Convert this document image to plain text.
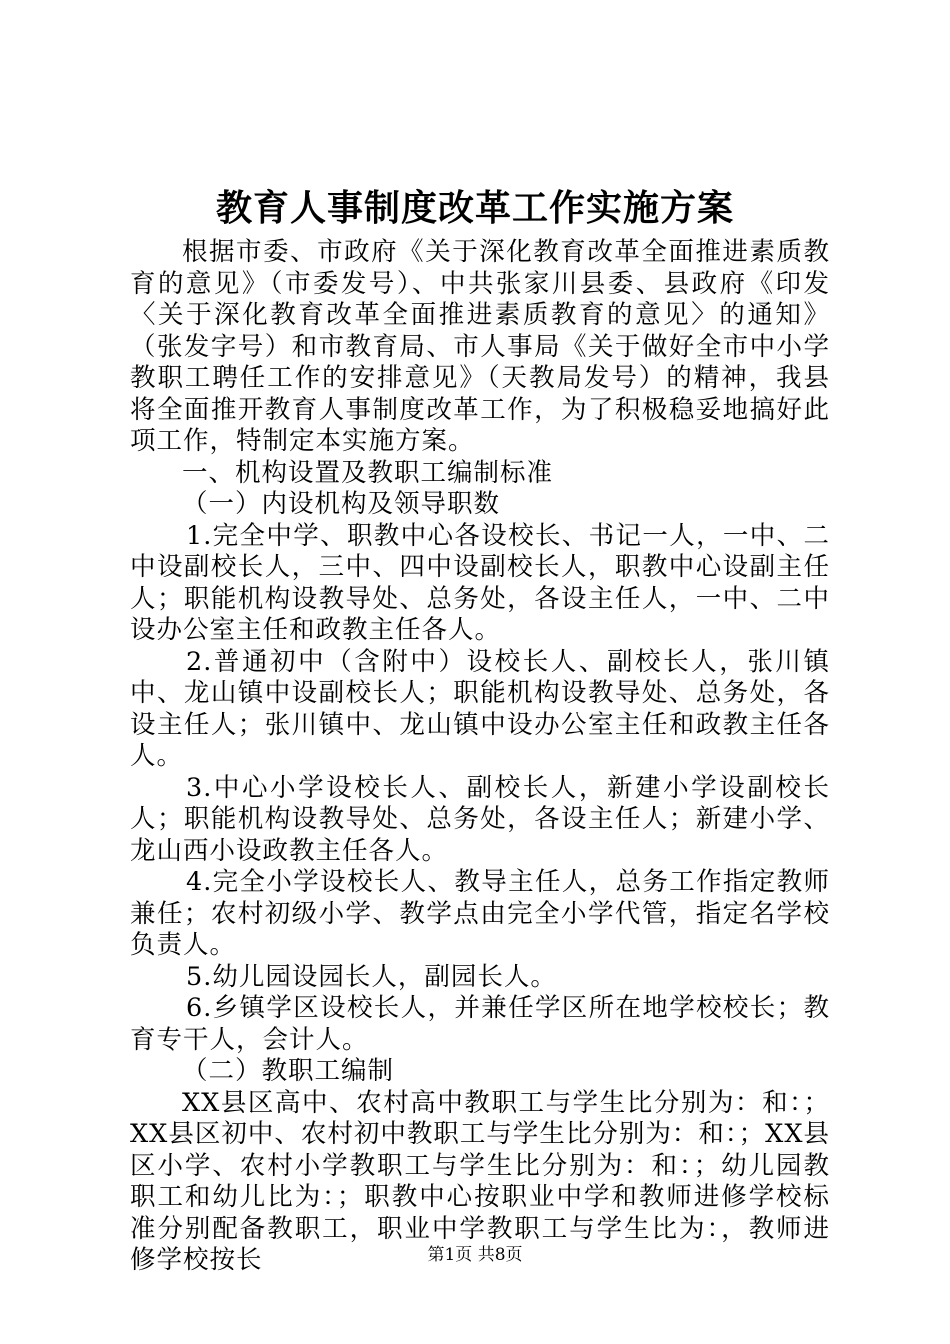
教育人事制度改革工作实施方案

根据市委、市政府《关于深化教育改革全面推进素质教育的意见》（市委发号）、中共张家川县委、县政府《印发〈关于深化教育改革全面推进素质教育的意见〉的通知》（张发字号）和市教育局、市人事局《关于做好全市中小学教职工聘任工作的安排意见》（天教局发号）的精神，我县将全面推开教育人事制度改革工作，为了积极稳妥地搞好此项工作，特制定本实施方案。

一、机构设置及教职工编制标准

（一）内设机构及领导职数

1.完全中学、职教中心各设校长、书记一人，一中、二中设副校长人，三中、四中设副校长人，职教中心设副主任人；职能机构设教导处、总务处，各设主任人，一中、二中设办公室主任和政教主任各人。

2.普通初中（含附中）设校长人、副校长人，张川镇中、龙山镇中设副校长人；职能机构设教导处、总务处，各设主任人；张川镇中、龙山镇中设办公室主任和政教主任各人。

3.中心小学设校长人、副校长人，新建小学设副校长人；职能机构设教导处、总务处，各设主任人；新建小学、龙山西小设政教主任各人。

4.完全小学设校长人、教导主任人，总务工作指定教师兼任；农村初级小学、教学点由完全小学代管，指定名学校负责人。

5.幼儿园设园长人，副园长人。

6.乡镇学区设校长人，并兼任学区所在地学校校长；教育专干人，会计人。

（二）教职工编制

XX县区高中、农村高中教职工与学生比分别为：和：；XX县区初中、农村初中教职工与学生比分别为：和：；XX县区小学、农村小学教职工与学生比分别为：和：；幼儿园教职工和幼儿比为：；职教中心按职业中学和教师进修学校标准分别配备教职工，职业中学教职工与学生比为：，教师进修学校按长	第1页 共8页
